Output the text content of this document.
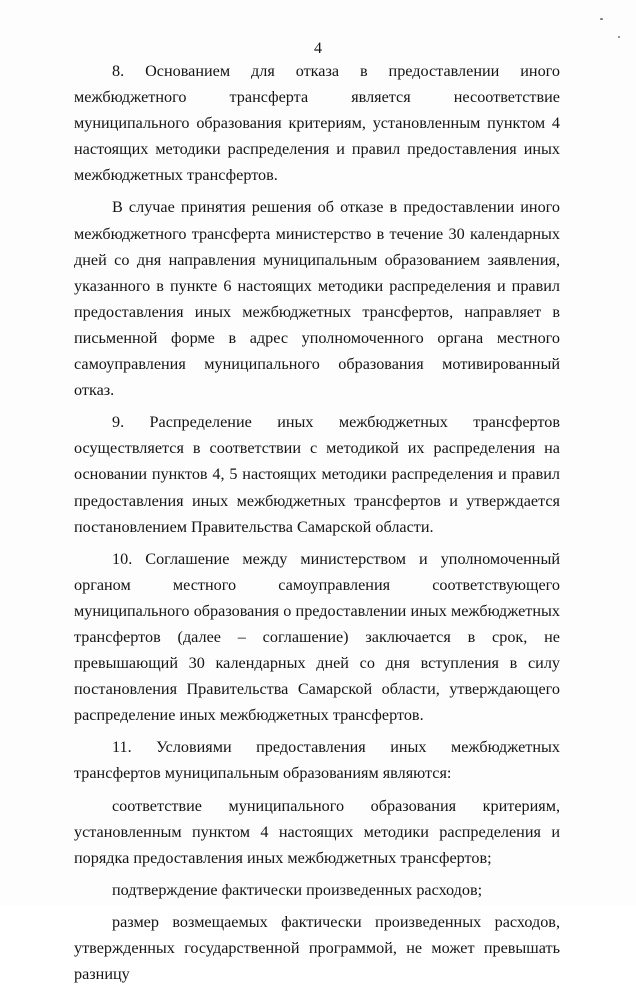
4

8. Основанием для отказа в предоставлении иного межбюджетного трансферта является несоответствие муниципального образования критериям, установленным пунктом 4 настоящих методики распределения и правил предоставления иных межбюджетных трансфертов.

В случае принятия решения об отказе в предоставлении иного межбюджетного трансферта министерство в течение 30 календарных дней со дня направления муниципальным образованием заявления, указанного в пункте 6 настоящих методики распределения и правил предоставления иных межбюджетных трансфертов, направляет в письменной форме в адрес уполномоченного органа местного самоуправления муниципального образования мотивированный отказ.

9. Распределение иных межбюджетных трансфертов осуществляется в соответствии с методикой их распределения на основании пунктов 4, 5 настоящих методики распределения и правил предоставления иных межбюджетных трансфертов и утверждается постановлением Правительства Самарской области.

10. Соглашение между министерством и уполномоченный органом местного самоуправления соответствующего муниципального образования о предоставлении иных межбюджетных трансфертов (далее – соглашение) заключается в срок, не превышающий 30 календарных дней со дня вступления в силу постановления Правительства Самарской области, утверждающего распределение иных межбюджетных трансфертов.

11. Условиями предоставления иных межбюджетных трансфертов муниципальным образованиям являются:

соответствие муниципального образования критериям, установленным пунктом 4 настоящих методики распределения и порядка предоставления иных межбюджетных трансфертов;

подтверждение фактически произведенных расходов;

размер возмещаемых фактически произведенных расходов, утвержденных государственной программой, не может превышать разницу
